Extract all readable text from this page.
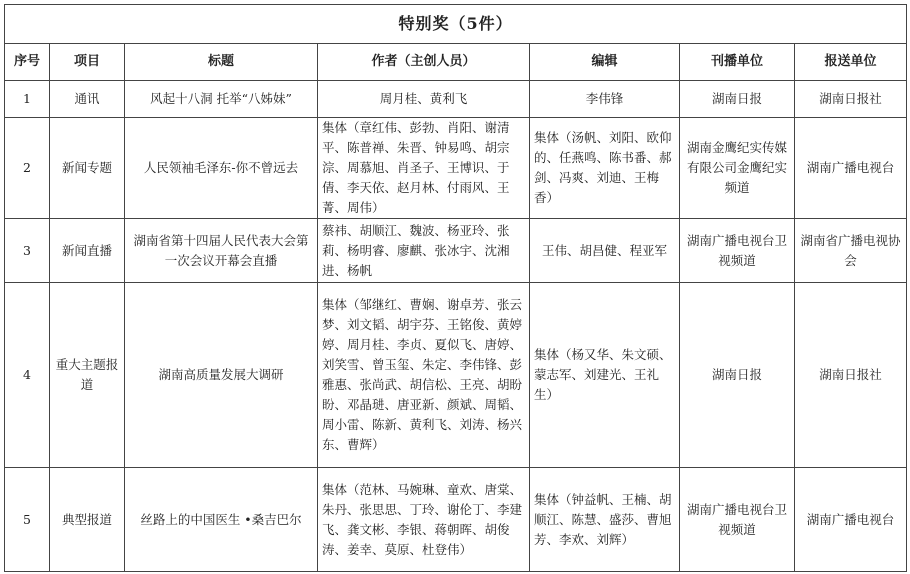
特别奖（5件）						
序号	项目	标题	作者（主创人员）	编辑	刊播单位	报送单位
1	通讯	风起十八洞 托举“八姊妹”	周月桂、黄利飞	李伟锋	湖南日报	湖南日报社
2	新闻专题	人民领袖毛泽东-你不曾远去	集体（章红伟、彭勃、肖阳、谢清平、陈普禅、朱晋、钟易鸣、胡宗淙、周慕旭、肖圣子、王博识、于倩、李天依、赵月林、付雨风、王菁、周伟）	集体（汤帆、刘阳、欧仰的、任燕鸣、陈书番、郝剑、冯爽、刘迪、王梅香）	湖南金鹰纪实传媒有限公司金鹰纪实频道	湖南广播电视台
3	新闻直播	湖南省第十四届人民代表大会第一次会议开幕会直播	蔡祎、胡顺江、魏波、杨亚玲、张莉、杨明睿、廖麒、张冰宇、沈湘进、杨帆	王伟、胡昌健、程亚军	湖南广播电视台卫视频道	湖南省广播电视协会
4	重大主题报道	湖南高质量发展大调研	集体（邹继红、曹娴、谢卓芳、张云梦、刘文韬、胡宇芬、王铭俊、黄婷婷、周月桂、李贞、夏似飞、唐婷、刘笑雪、曾玉玺、朱定、李伟锋、彭雅惠、张尚武、胡信松、王亮、胡盼盼、邓晶琎、唐亚新、颜斌、周韬、周小雷、陈新、黄利飞、刘涛、杨兴东、曹辉）	集体（杨又华、朱文硕、蒙志军、刘建光、王礼生）	湖南日报	湖南日报社
5	典型报道	丝路上的中国医生 •桑吉巴尔	集体（范林、马婉琳、童欢、唐棠、朱丹、张思思、丁玲、谢伦丁、李建飞、龚文彬、李银、蒋朝晖、胡俊涛、姜幸、莫原、杜登伟）	集体（钟益帆、王楠、胡顺江、陈慧、盛莎、曹旭芳、李欢、刘辉）	湖南广播电视台卫视频道	湖南广播电视台
